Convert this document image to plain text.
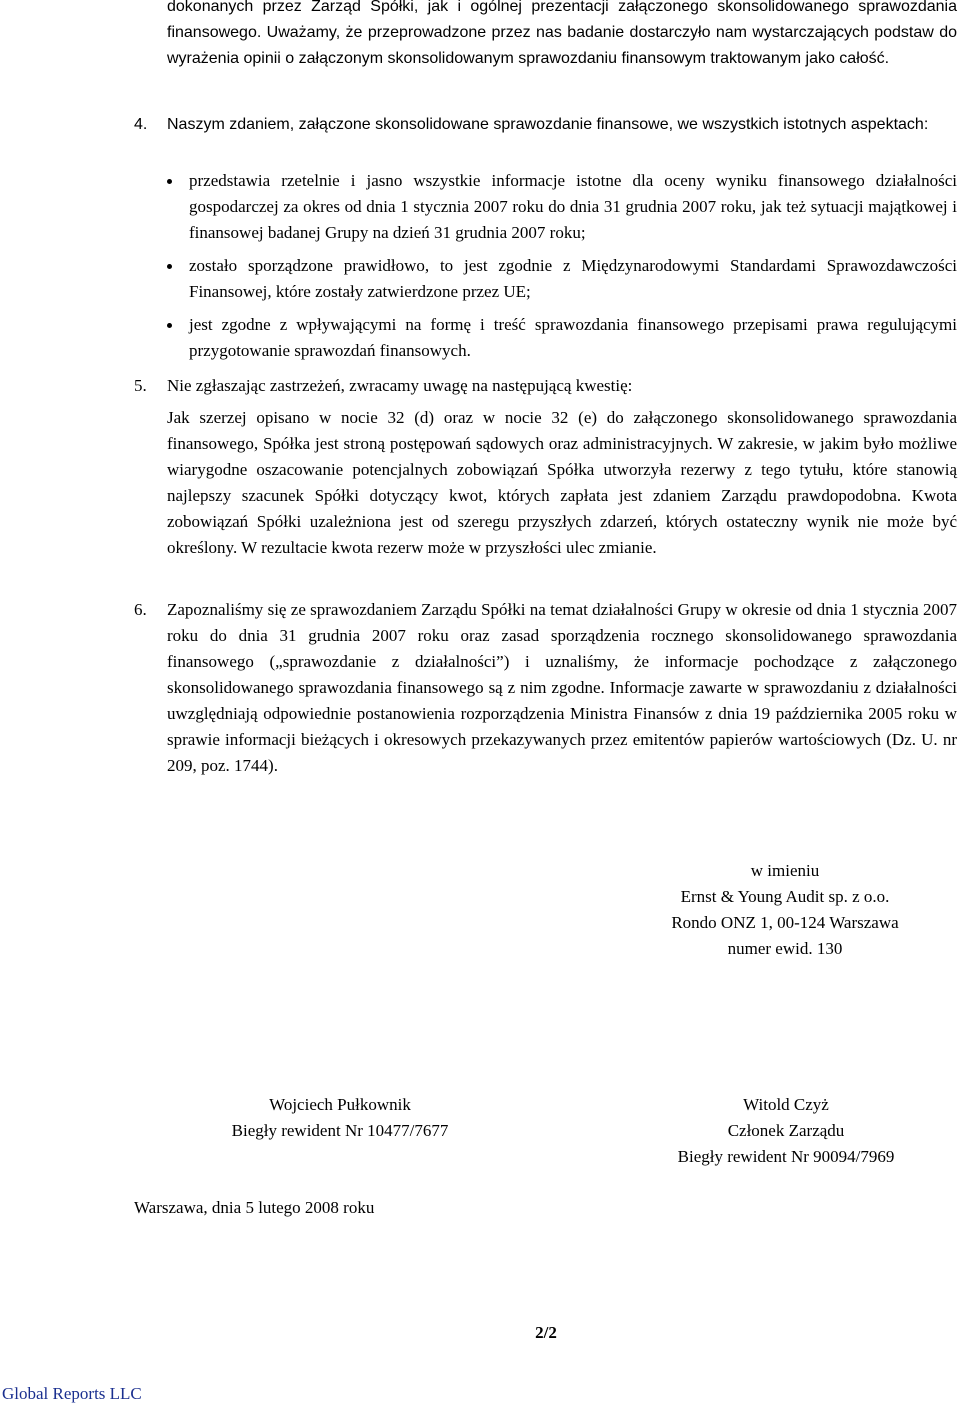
dokonanych przez Zarząd Spółki, jak i ogólnej prezentacji załączonego skonsolidowanego sprawozdania finansowego. Uważamy, że przeprowadzone przez nas badanie dostarczyło nam wystarczających podstaw do wyrażenia opinii o załączonym skonsolidowanym sprawozdaniu finansowym traktowanym jako całość.
4. Naszym zdaniem, załączone skonsolidowane sprawozdanie finansowe, we wszystkich istotnych aspektach:
przedstawia rzetelnie i jasno wszystkie informacje istotne dla oceny wyniku finansowego działalności gospodarczej za okres od dnia 1 stycznia 2007 roku do dnia 31 grudnia 2007 roku, jak też sytuacji majątkowej i finansowej badanej Grupy na dzień 31 grudnia 2007 roku;
zostało sporządzone prawidłowo, to jest zgodnie z Międzynarodowymi Standardami Sprawozdawczości Finansowej, które zostały zatwierdzone przez UE;
jest zgodne z wpływającymi na formę i treść sprawozdania finansowego przepisami prawa regulującymi przygotowanie sprawozdań finansowych.
5. Nie zgłaszając zastrzeżeń, zwracamy uwagę na następującą kwestię:
Jak szerzej opisano w nocie 32 (d) oraz w nocie 32 (e) do załączonego skonsolidowanego sprawozdania finansowego, Spółka jest stroną postępowań sądowych oraz administracyjnych. W zakresie, w jakim było możliwe wiarygodne oszacowanie potencjalnych zobowiązań Spółka utworzyła rezerwy z tego tytułu, które stanowią najlepszy szacunek Spółki dotyczący kwot, których zapłata jest zdaniem Zarządu prawdopodobna. Kwota zobowiązań Spółki uzależniona jest od szeregu przyszłych zdarzeń, których ostateczny wynik nie może być określony. W rezultacie kwota rezerw może w przyszłości ulec zmianie.
6. Zapoznaliśmy się ze sprawozdaniem Zarządu Spółki na temat działalności Grupy w okresie od dnia 1 stycznia 2007 roku do dnia 31 grudnia 2007 roku oraz zasad sporządzenia rocznego skonsolidowanego sprawozdania finansowego („sprawozdanie z działalności”) i uznaliśmy, że informacje pochodzące z załączonego skonsolidowanego sprawozdania finansowego są z nim zgodne. Informacje zawarte w sprawozdaniu z działalności uwzględniają odpowiednie postanowienia rozporządzenia Ministra Finansów z dnia 19 października 2005 roku w sprawie informacji bieżących i okresowych przekazywanych przez emitentów papierów wartościowych (Dz. U. nr 209, poz. 1744).
w imieniu
Ernst & Young Audit sp. z o.o.
Rondo ONZ 1, 00-124 Warszawa
numer ewid. 130
Wojciech Pułkownik
Biegły rewident Nr 10477/7677
Witold Czyż
Członek Zarządu
Biegły rewident Nr 90094/7969
Warszawa, dnia 5 lutego 2008 roku
2/2
Global Reports LLC
